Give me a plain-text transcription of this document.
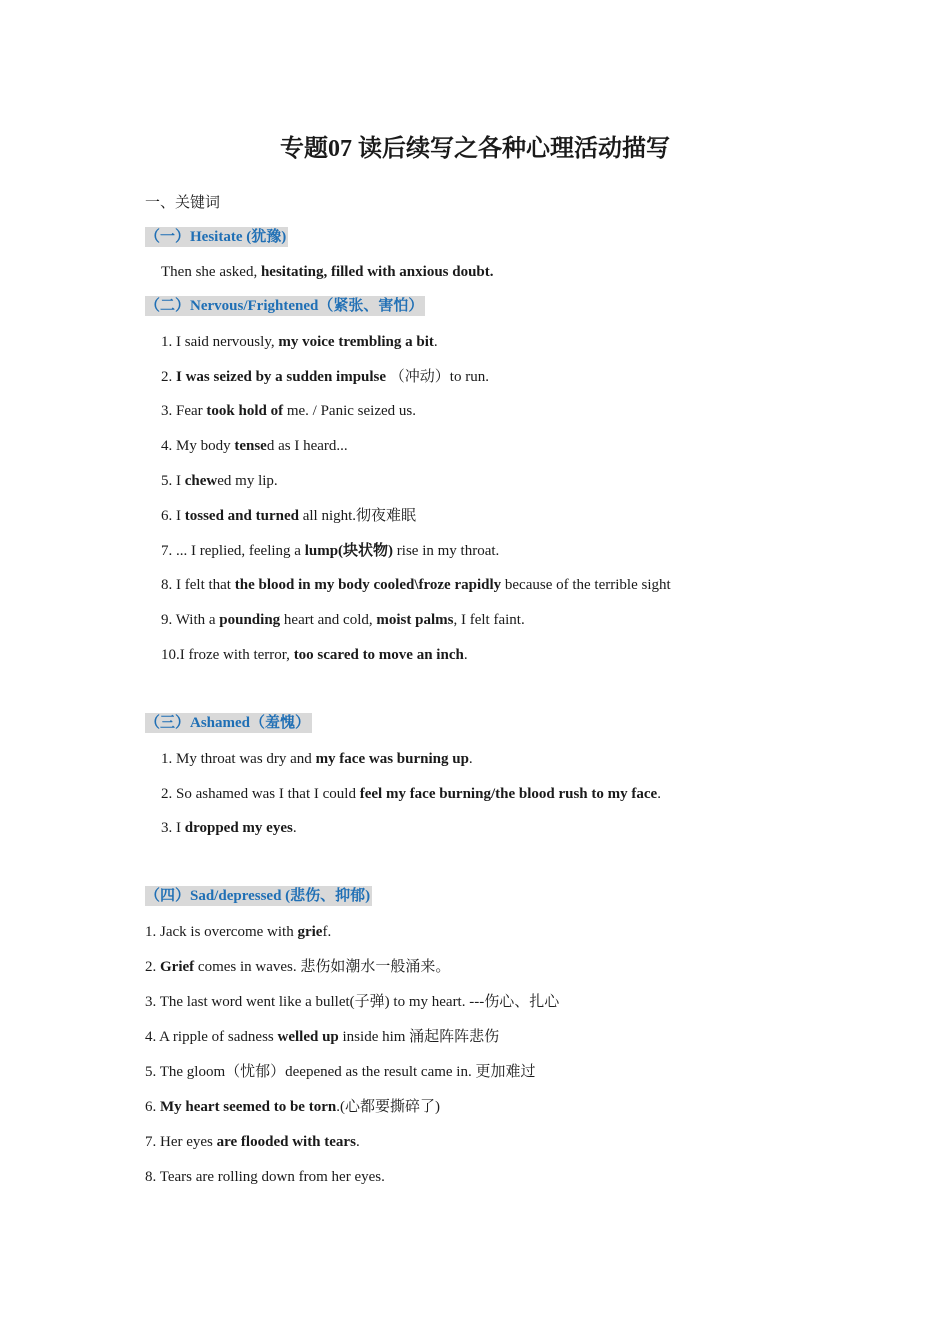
专题07 读后续写之各种心理活动描写
一、关键词
（一）Hesitate (犹豫)
Then she asked, hesitating, filled with anxious doubt.
（二）Nervous/Frightened（紧张、害怕）
1. I said nervously, my voice trembling a bit.
2. I was seized by a sudden impulse （冲动）to run.
3. Fear took hold of me. / Panic seized us.
4. My body tensed as I heard...
5. I chewed my lip.
6. I tossed and turned all night.彻夜难眠
7. ... I replied, feeling a lump(块状物) rise in my throat.
8. I felt that the blood in my body cooled\froze rapidly because of the terrible sight
9. With a pounding heart and cold, moist palms, I felt faint.
10.I froze with terror, too scared to move an inch.
（三）Ashamed（羞愧）
1. My throat was dry and my face was burning up.
2. So ashamed was I that I could feel my face burning/the blood rush to my face.
3. I dropped my eyes.
（四）Sad/depressed (悲伤、抑郁)
1. Jack is overcome with grief.
2. Grief comes in waves. 悲伤如潮水一般涌来。
3. The last word went like a bullet(子弹) to my heart. ---伤心、扎心
4. A ripple of sadness welled up inside him 涌起阵阵悲伤
5. The gloom（忧郁）deepened as the result came in. 更加难过
6. My heart seemed to be torn.(心都要撕碎了)
7. Her eyes are flooded with tears.
8. Tears are rolling down from her eyes.
